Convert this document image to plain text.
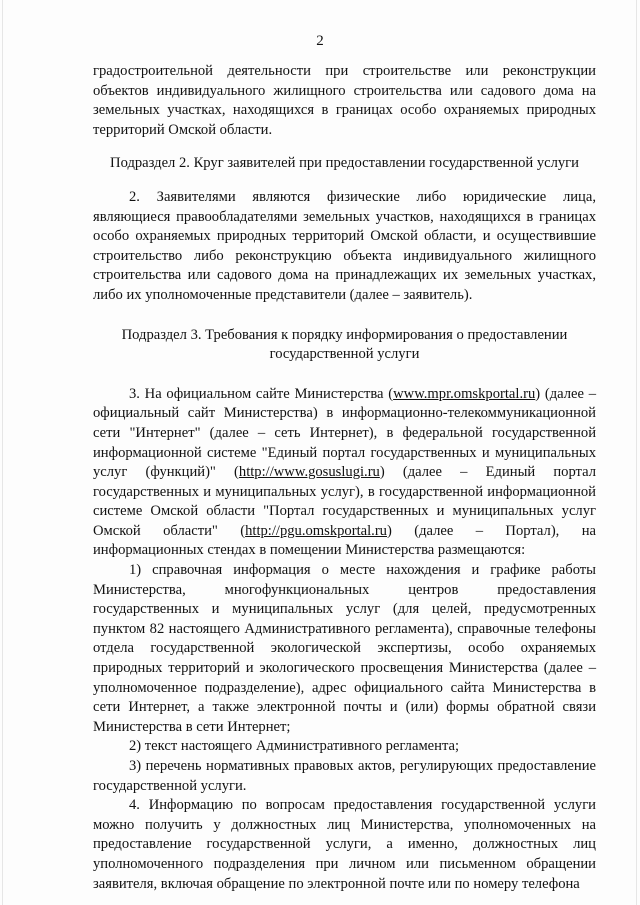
2

градостроительной деятельности при строительстве или реконструкции объектов индивидуального жилищного строительства или садового дома на земельных участках, находящихся в границах особо охраняемых природных территорий Омской области.

Подраздел 2. Круг заявителей при предоставлении государственной услуги

2. Заявителями являются физические либо юридические лица, являющиеся правообладателями земельных участков, находящихся в границах особо охраняемых природных территорий Омской области, и осуществившие строительство либо реконструкцию объекта индивидуального жилищного строительства или садового дома на принадлежащих их земельных участках, либо их уполномоченные представители (далее – заявитель).

Подраздел 3. Требования к порядку информирования о предоставлении
государственной услуги

3. На официальном сайте Министерства (www.mpr.omskportal.ru) (далее – официальный сайт Министерства) в информационно-телекоммуникационной сети "Интернет" (далее – сеть Интернет), в федеральной государственной информационной системе "Единый портал государственных и муниципальных услуг (функций)" (http://www.gosuslugi.ru) (далее – Единый портал государственных и муниципальных услуг), в государственной информационной системе Омской области "Портал государственных и муниципальных услуг Омской области" (http://pgu.omskportal.ru) (далее – Портал), на информационных стендах в помещении Министерства размещаются:

1) справочная информация о месте нахождения и графике работы Министерства, многофункциональных центров предоставления государственных и муниципальных услуг (для целей, предусмотренных пунктом 82 настоящего Административного регламента), справочные телефоны отдела государственной экологической экспертизы, особо охраняемых природных территорий и экологического просвещения Министерства (далее – уполномоченное подразделение), адрес официального сайта Министерства в сети Интернет, а также электронной почты и (или) формы обратной связи Министерства в сети Интернет;

2) текст настоящего Административного регламента;

3) перечень нормативных правовых актов, регулирующих предоставление государственной услуги.

4. Информацию по вопросам предоставления государственной услуги можно получить у должностных лиц Министерства, уполномоченных на предоставление государственной услуги, а именно, должностных лиц уполномоченного подразделения при личном или письменном обращении заявителя, включая обращение по электронной почте или по номеру телефона
